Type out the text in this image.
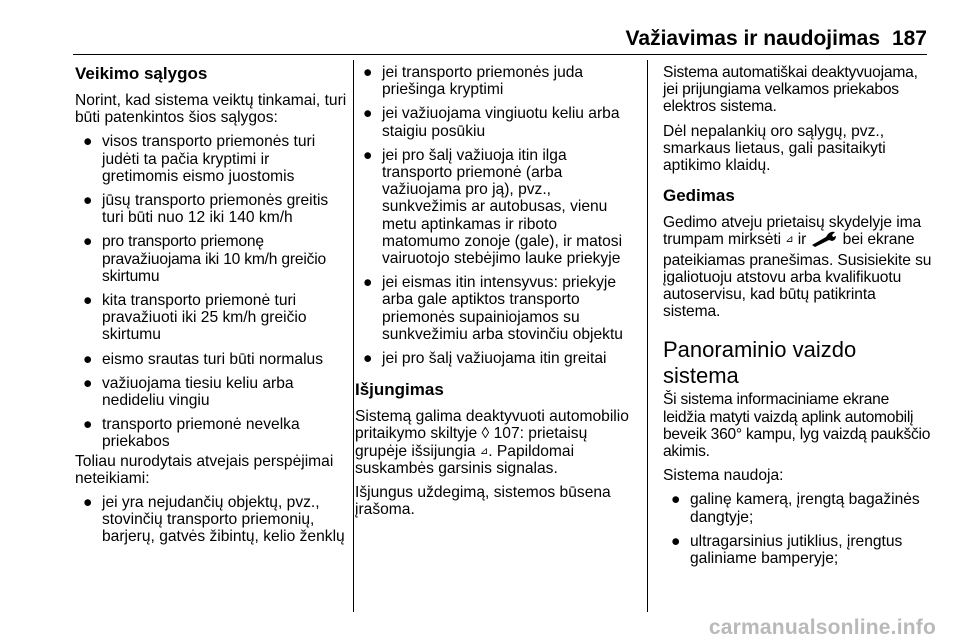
Važiavimas ir naudojimas 187
Veikimo sąlygos

Norint, kad sistema veiktų tinkamai, turi būti patenkintos šios sąlygos:

● visos transporto priemonės turi judėti ta pačia kryptimi ir gretimomis eismo juostomis
● jūsų transporto priemonės greitis turi būti nuo 12 iki 140 km/h
● pro transporto priemonę pravažiuojama iki 10 km/h greičio skirtumu
● kita transporto priemonė turi pravažiuoti iki 25 km/h greičio skirtumu
● eismo srautas turi būti normalus
● važiuojama tiesiu keliu arba nedideliu vingiu
● transporto priemonė nevelka priekabos

Toliau nurodytais atvejais perspėjimai neteikiami:

● jei yra nejudančių objektų, pvz., stovinčių transporto priemonių, barjerų, gatvės žibintų, kelio ženklų
● jei transporto priemonės juda priešinga kryptimi
● jei važiuojama vingiuotu keliu arba staigiu posūkiu
● jei pro šalį važiuoja itin ilga transporto priemonė (arba važiuojama pro ją), pvz., sunkvežimis ar autobusas, vienu metu aptinkamas ir riboto matomumo zonoje (gale), ir matosi vairuotojo stebėjimo lauke priekyje
● jei eismas itin intensyvus: priekyje arba gale aptiktos transporto priemonės supainiojamos su sunkvežimiu arba stovinčiu objektu
● jei pro šalį važiuojama itin greitai
Išjungimas

Sistemą galima deaktyvuoti automobilio pritaikymo skiltyje ◊ 107: prietaisų grupėje išsijungia ⊿. Papildomai suskambės garsinis signalas.

Išjungus uždegimą, sistemos būsena įrašoma.

Sistema automatiškai deaktyvuojama, jei prijungiama velkamos priekabos elektros sistema.

Dėl nepalankių oro sąlygų, pvz., smarkaus lietaus, gali pasitaikyti aptikimo klaidų.

Gedimas

Gedimo atveju prietaisų skydelyje ima trumpam mirksėti ⊿ ir bei ekrane pateikiamas pranešimas. Susisiekite su įgaliotuoju atstovu arba kvalifikuotu autoservisu, kad būtų patikrinta sistema.

Panoraminio vaizdo sistema

Ši sistema informaciniame ekrane leidžia matyti vaizdą aplink automobilį beveik 360° kampu, lyg vaizdą paukščio akimis.

Sistema naudoja:

● galinę kamerą, įrengtą bagažinės dangtyje;
● ultragarsinius jutiklius, įrengtus galiniame bamperyje;
carmanualsonline.info
